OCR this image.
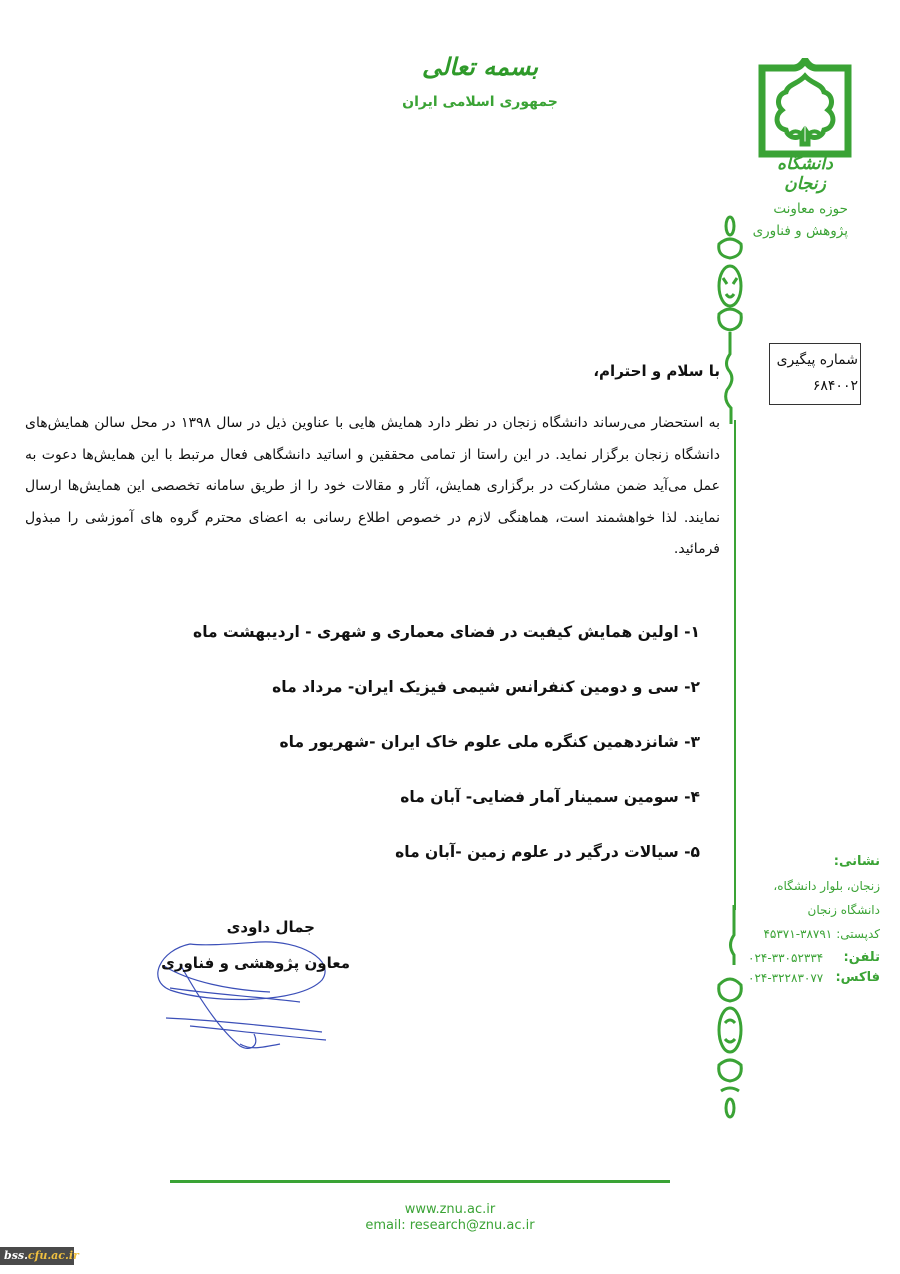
بسمه تعالی
جمهوری اسلامی ایران
دانشگاه زنجان
حوزه معاونت
پژوهش و فناوری
شماره پیگیری
۶۸۴۰۰۲
با سلام و احترام،
به استحضار می‌رساند دانشگاه زنجان در نظر دارد همایش هایی با عناوین ذیل در سال ۱۳۹۸ در محل سالن همایش‌های دانشگاه زنجان برگزار نماید. در این راستا از تمامی محققین و اساتید دانشگاهی فعال مرتبط با این همایش‌ها دعوت به عمل می‌آید ضمن مشارکت در برگزاری همایش، آثار و مقالات خود را از طریق سامانه تخصصی این همایش‌ها ارسال نمایند. لذا خواهشمند است، هماهنگی لازم در خصوص اطلاع رسانی به اعضای محترم گروه های آموزشی را مبذول فرمائید.
۱- اولین همایش کیفیت در فضای معماری و شهری - اردیبهشت ماه
۲- سی و دومین کنفرانس شیمی فیزیک ایران- مرداد ماه
۳- شانزدهمین کنگره ملی علوم خاک ایران -شهریور ماه
۴- سومین سمینار آمار فضایی- آبان ماه
۵- سیالات درگیر در علوم زمین -آبان ماه
جمال داودی
معاون پژوهشی و فناوری
نشانی:
زنجان، بلوار دانشگاه،
دانشگاه زنجان
کدپستی:
۴۵۳۷۱-۳۸۷۹۱
تلفن:
۰۲۴-۳۳۰۵۲۳۳۴
فاکس:
۰۲۴-۳۲۲۸۳۰۷۷
www.znu.ac.ir
email: research@znu.ac.ir
bss.cfu.ac.ir
